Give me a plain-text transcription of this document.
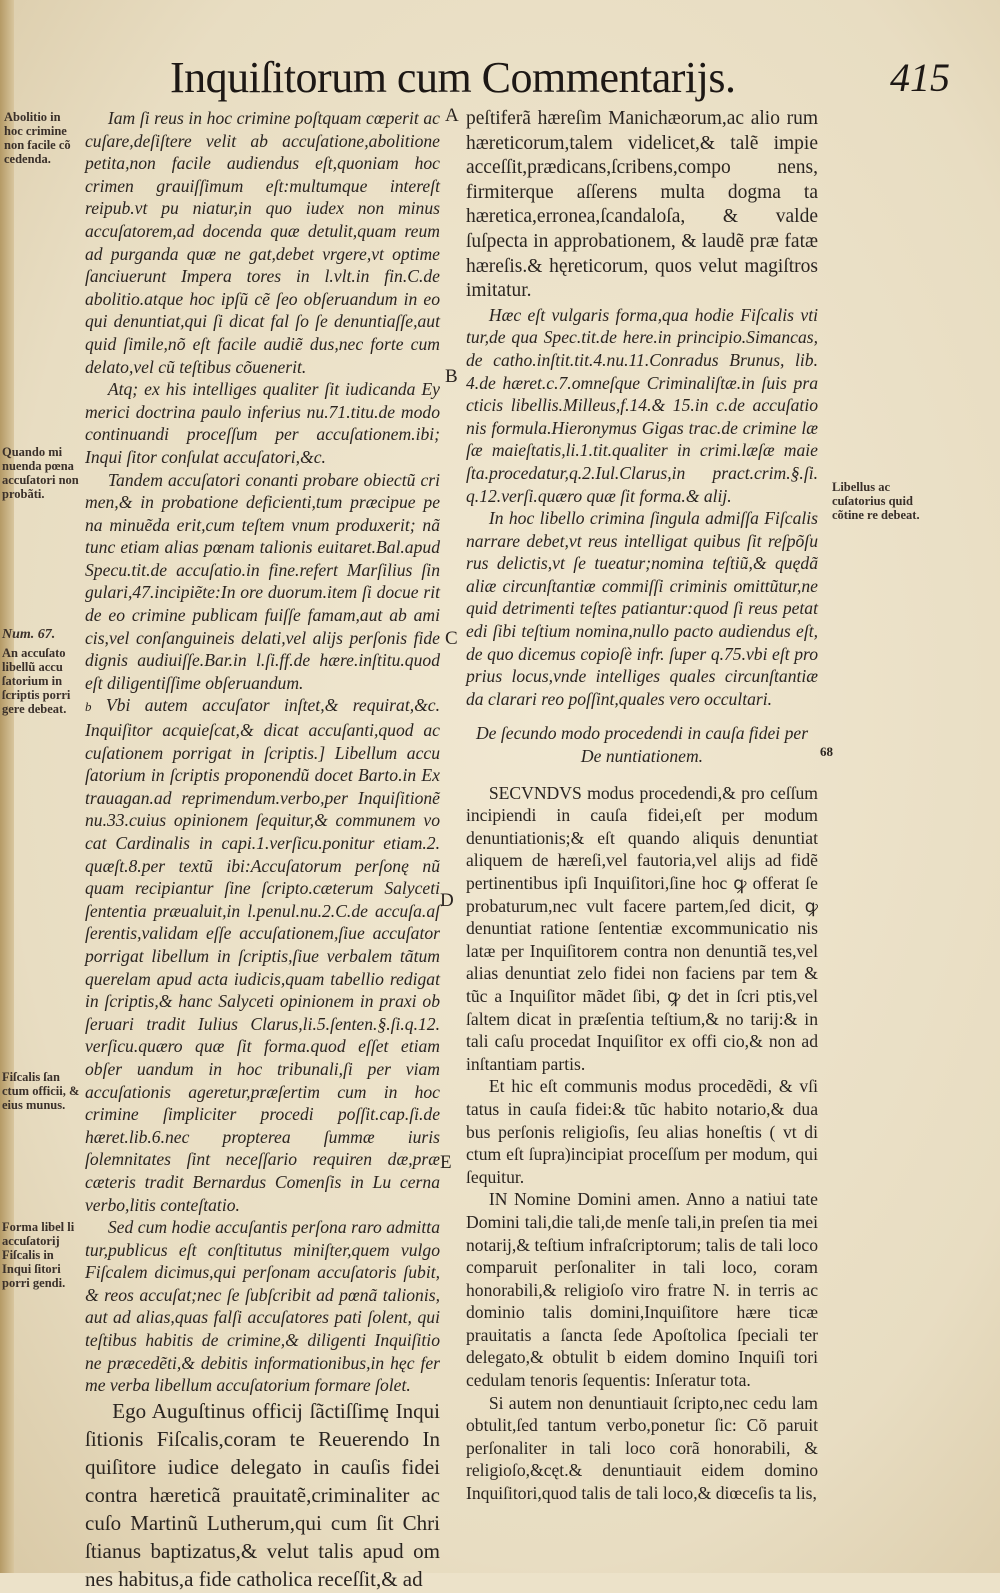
Inquiſitorum cum Commentarijs.	415
Abolitio in hoc crimine non facile cõ cedenda.
Quando mi nuenda pœna accuſatori non probãti.
Num. 67.
An accuſato libellũ accu ſatorium in ſcriptis porri gere debeat.
Fiſcalis ſan ctum officii, & eius munus.
Forma libel li accuſatorij Fiſcalis in Inqui ſitori porri gendi.
Libellus ac cuſatorius quid cõtine re debeat.
68
A
B
C
D
E

Iam ſi reus in hoc crimine poſtquam cœperit ac cuſare,deſiſtere velit ab accuſatione,abolitione petita,non facile audiendus eſt,quoniam hoc crimen grauiſſimum eſt:multumque intereſt reipub.vt pu niatur,in quo iudex non minus accuſatorem,ad docenda quæ detulit,quam reum ad purganda quæ ne gat,debet vrgere,vt optime ſanciuerunt Impera tores in l.vlt.in fin.C.de abolitio.atque hoc ipſũ cẽ ſeo obſeruandum in eo qui denuntiat,qui ſi dicat fal ſo ſe denuntiaſſe,aut quid ſimile,nõ eſt facile audiẽ dus,nec forte cum delato,vel cũ teſtibus cõuenerit.

Atq; ex his intelliges qualiter ſit iudicanda Ey merici doctrina paulo inferius nu.71.titu.de modo continuandi proceſſum per accuſationem.ibi; Inqui ſitor conſulat accuſatori,&c.

Tandem accuſatori conanti probare obiectũ cri men,& in probatione deficienti,tum præcipue pe na minuẽda erit,cum teſtem vnum produxerit; nã tunc etiam alias pœnam talionis euitaret.Bal.apud Specu.tit.de accuſatio.in fine.refert Marſilius ſin gulari,47.incipiẽte:In ore duorum.item ſi docue rit de eo crimine publicam fuiſſe famam,aut ab ami cis,vel conſanguineis delati,vel alijs perſonis fide dignis audiuiſſe.Bar.in l.ſi.ff.de hære.inſtitu.quod eſt diligentiſſime obſeruandum.

b Vbi autem accuſator inſtet,& requirat,&c. Inquiſitor acquieſcat,& dicat accuſanti,quod ac cuſationem porrigat in ſcriptis.] Libellum accu ſatorium in ſcriptis proponendũ docet Barto.in Ex trauagan.ad reprimendum.verbo,per Inquiſitionẽ nu.33.cuius opinionem ſequitur,& communem vo cat Cardinalis in capi.1.verſicu.ponitur etiam.2. quæſt.8.per textũ ibi:Accuſatorum perſonę nũ quam recipiantur ſine ſcripto.cæterum Salyceti ſententia præualuit,in l.penul.nu.2.C.de accuſa.aſ ſerentis,validam eſſe accuſationem,ſiue accuſator porrigat libellum in ſcriptis,ſiue verbalem tãtum querelam apud acta iudicis,quam tabellio redigat in ſcriptis,& hanc Salyceti opinionem in praxi ob ſeruari tradit Iulius Clarus,li.5.ſenten.§.ſi.q.12. verſicu.quæro quæ ſit forma.quod eſſet etiam obſer uandum in hoc tribunali,ſi per viam accuſationis ageretur,præſertim cum in hoc crimine ſimpliciter procedi poſſit.cap.ſi.de hæret.lib.6.nec propterea ſummæ iuris ſolemnitates ſint neceſſario requiren dæ,præ cæteris tradit Bernardus Comenſis in Lu cerna verbo,litis conteſtatio.

Sed cum hodie accuſantis perſona raro admitta tur,publicus eſt conſtitutus miniſter,quem vulgo Fiſcalem dicimus,qui perſonam accuſatoris ſubit, & reos accuſat;nec ſe ſubſcribit ad pœnã talionis, aut ad alias,quas falſi accuſatores pati ſolent, qui teſtibus habitis de crimine,& diligenti Inquiſitio ne præcedẽti,& debitis informationibus,in hęc fer me verba libellum accuſatorium formare ſolet.

Ego Auguſtinus officij ſãctiſſimę Inqui ſitionis Fiſcalis,coram te Reuerendo In quiſitore iudice delegato in cauſis fidei contra hæreticã prauitatẽ,criminaliter ac cuſo Martinũ Lutherum,qui cum ſit Chri ſtianus baptizatus,& velut talis apud om nes habitus,a fide catholica receſſit,& ad

peſtiferã hæreſim Manichæorum,ac alio rum hæreticorum,talem videlicet,& talẽ impie acceſſit,prædicans,ſcribens,compo nens, firmiterque aſſerens multa dogma ta hæretica,erronea,ſcandaloſa, & valde ſuſpecta in approbationem, & laudẽ præ fatæ hæreſis.& hęreticorum, quos velut magiſtros imitatur.

Hæc eſt vulgaris forma,qua hodie Fiſcalis vti tur,de qua Spec.tit.de here.in principio.Simancas, de catho.inſtit.tit.4.nu.11.Conradus Brunus, lib. 4.de hæret.c.7.omneſque Criminaliſtæ.in ſuis pra cticis libellis.Milleus,f.14.& 15.in c.de accuſatio nis formula.Hieronymus Gigas trac.de crimine læ ſæ maieſtatis,li.1.tit.qualiter in crimi.læſæ maie ſta.procedatur,q.2.Iul.Clarus,in pract.crim.§.ſi. q.12.verſi.quæro quæ ſit forma.& alij.

In hoc libello crimina ſingula admiſſa Fiſcalis narrare debet,vt reus intelligat quibus ſit reſpõſu rus delictis,vt ſe tueatur;nomina teſtiũ,& quędã aliæ circunſtantiæ commiſſi criminis omittũtur,ne quid detrimenti teſtes patiantur:quod ſi reus petat edi ſibi teſtium nomina,nullo pacto audiendus eſt, de quo dicemus copioſè infr. ſuper q.75.vbi eſt pro prius locus,vnde intelliges quales circunſtantiæ da clarari reo poſſint,quales vero occultari.

De ſecundo modo procedendi in cauſa fidei per De nuntiationem.

SECVNDVS modus procedendi,& pro ceſſum incipiendi in cauſa fidei,eſt per modum denuntiationis;& eſt quando aliquis denuntiat aliquem de hæreſi,vel fautoria,vel alijs ad fidẽ pertinentibus ipſi Inquiſitori,ſine hoc ꝙ offerat ſe probaturum,nec vult facere partem,ſed dicit, ꝙ denuntiat ratione ſententiæ excommunicatio nis latæ per Inquiſitorem contra non denuntiã tes,vel alias denuntiat zelo fidei non faciens par tem & tũc a Inquiſitor mãdet ſibi, ꝙ det in ſcri ptis,vel ſaltem dicat in præſentia teſtium,& no tarij:& in tali caſu procedat Inquiſitor ex offi cio,& non ad inſtantiam partis.

Et hic eſt communis modus procedẽdi, & vſi tatus in cauſa fidei:& tũc habito notario,& dua bus perſonis religioſis, ſeu alias honeſtis ( vt di ctum eſt ſupra)incipiat proceſſum per modum, qui ſequitur.

IN Nomine Domini amen. Anno a natiui tate Domini tali,die tali,de menſe tali,in preſen tia mei notarij,& teſtium infraſcriptorum; talis de tali loco comparuit perſonaliter in tali loco, coram honorabili,& religioſo viro fratre N. in terris ac dominio talis domini,Inquiſitore hære ticæ prauitatis a ſancta ſede Apoſtolica ſpeciali ter delegato,& obtulit b eidem domino Inquiſi tori cedulam tenoris ſequentis: Inſeratur tota.

Si autem non denuntiauit ſcripto,nec cedu lam obtulit,ſed tantum verbo,ponetur ſic: Cõ paruit perſonaliter in tali loco corã honorabili, & religioſo,&cęt.& denuntiauit eidem domino Inquiſitori,quod talis de tali loco,& diœceſis ta lis,
